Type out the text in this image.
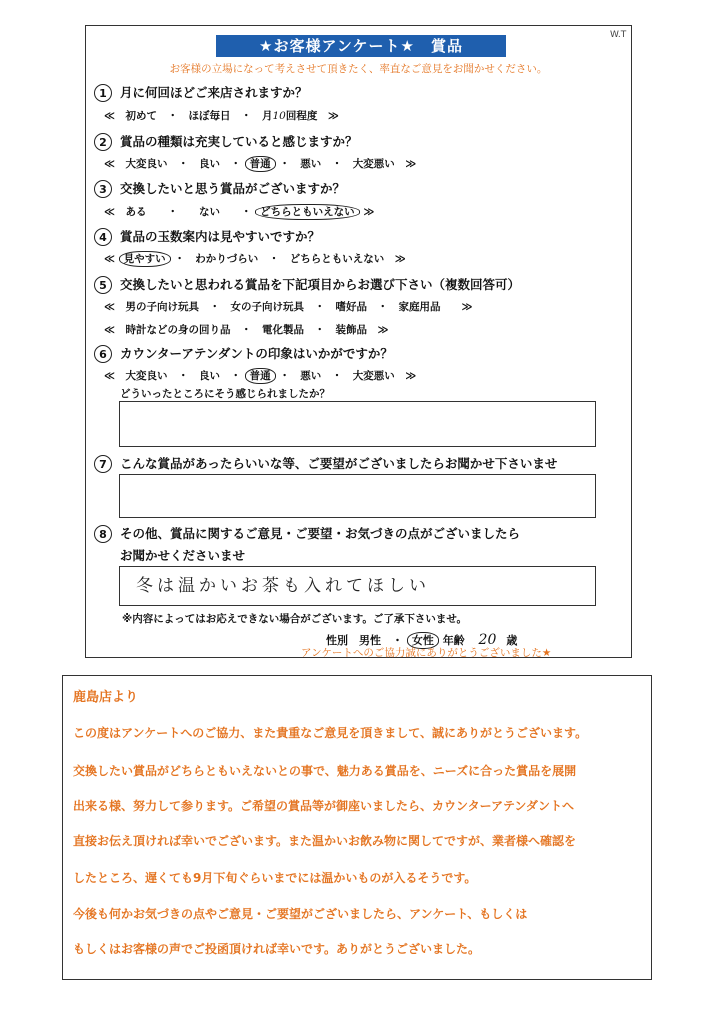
W.T
★お客様アンケート★　賞品
お客様の立場になって考えさせて頂きたく、率直なご意見をお聞かせください。
1 月に何回ほどご来店されますか？
≪　初めて　・　ほぼ毎日　・　月10回程度　≫
2 賞品の種類は充実していると感じますか？
≪　大変良い　・　良い　・ 普通 ・　悪い　・　大変悪い　≫
3 交換したいと思う賞品がございますか？
≪　ある　　・　　ない　　・ どちらともいえない ≫
4 賞品の玉数案内は見やすいですか？
≪ 見やすい ・　わかりづらい　・　どちらともいえない　≫
5 交換したいと思われる賞品を下記項目からお選び下さい（複数回答可）
≪　男の子向け玩具　・　女の子向け玩具　・　嗜好品　・　家庭用品　　≫
≪　時計などの身の回り品　・　電化製品　・　装飾品　≫
6 カウンターアテンダントの印象はいかがですか？
≪　大変良い　・　良い　・ 普通 ・　悪い　・　大変悪い　≫
どういったところにそう感じられましたか？
7 こんな賞品があったらいいな等、ご要望がございましたらお聞かせ下さいませ
8 その他、賞品に関するご意見・ご要望・お気づきの点がございましたら
お聞かせくださいませ
冬は温かいお茶も入れてほしい
※内容によってはお応えできない場合がございます。ご了承下さいませ。
性別　男性　・ 女性 年齢 20 歳
アンケートへのご協力誠にありがとうございました★
鹿島店より
この度はアンケートへのご協力、また貴重なご意見を頂きまして、誠にありがとうございます。
交換したい賞品がどちらともいえないとの事で、魅力ある賞品を、ニーズに合った賞品を展開
出来る様、努力して参ります。ご希望の賞品等が御座いましたら、カウンターアテンダントへ
直接お伝え頂ければ幸いでございます。また温かいお飲み物に関してですが、業者様へ確認を
したところ、遅くても9月下旬ぐらいまでには温かいものが入るそうです。
今後も何かお気づきの点やご意見・ご要望がございましたら、アンケート、もしくは
もしくはお客様の声でご投函頂ければ幸いです。ありがとうございました。
